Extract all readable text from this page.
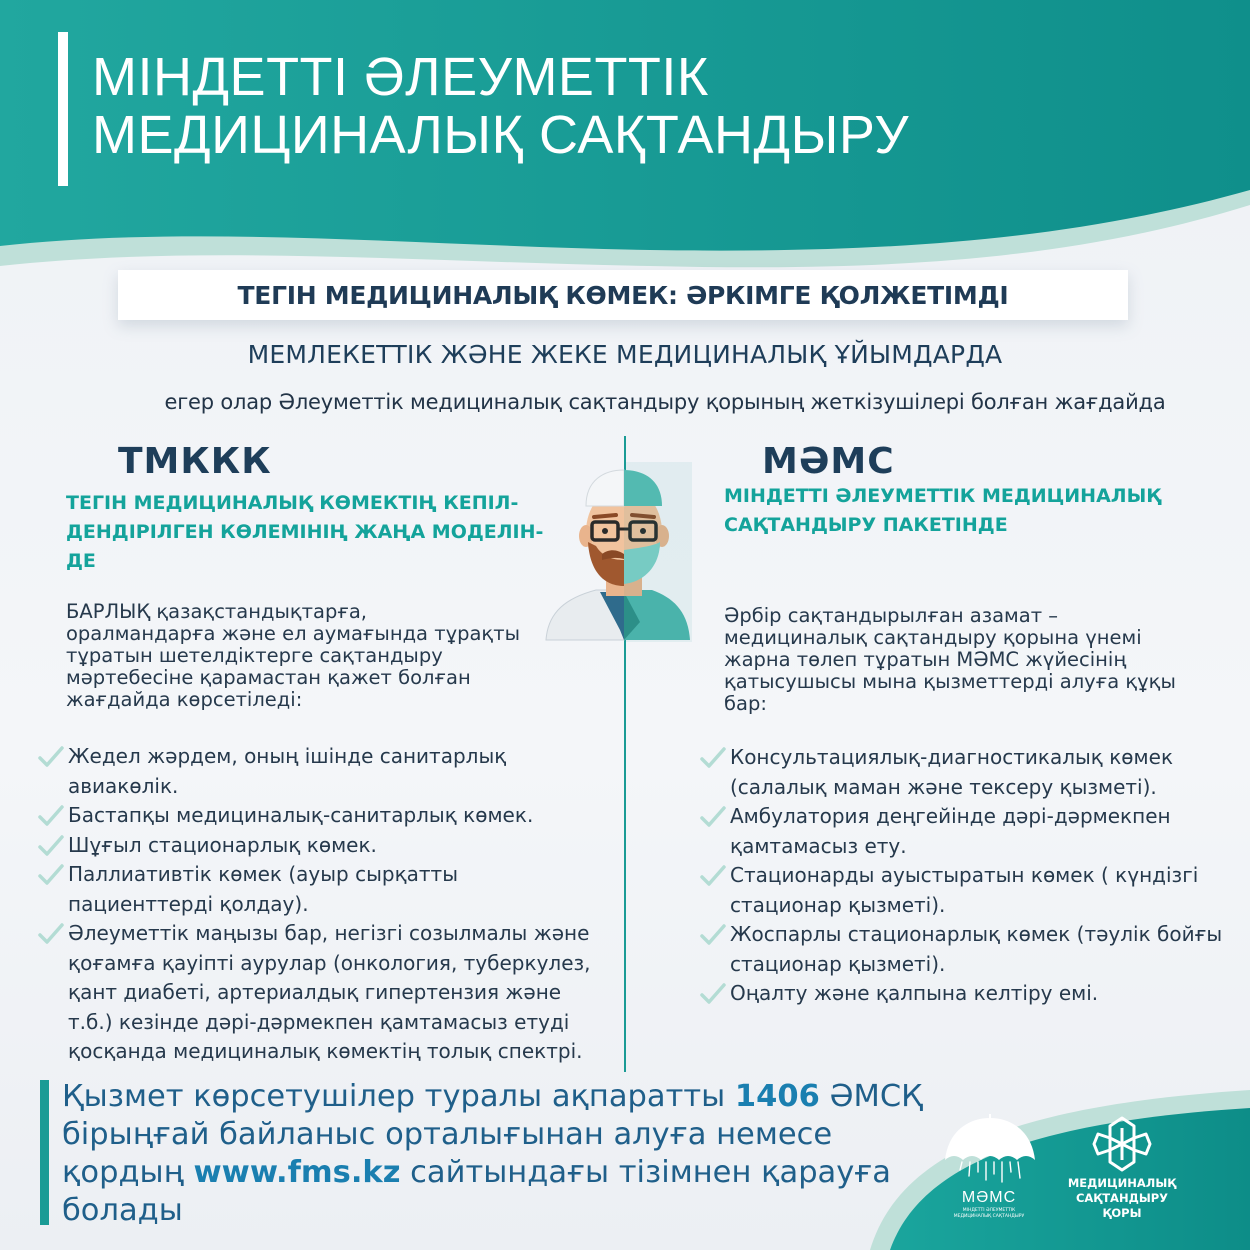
МІНДЕТТІ ӘЛЕУМЕТТІК
МЕДИЦИНАЛЫҚ САҚТАНДЫРУ
ТЕГІН МЕДИЦИНАЛЫҚ КӨМЕК: ӘРКІМГЕ ҚОЛЖЕТІМДІ
МЕМЛЕКЕТТІК ЖӘНЕ ЖЕКЕ МЕДИЦИНАЛЫҚ ҰЙЫМДАРДА
егер олар Әлеуметтік медициналық сақтандыру қорының жеткізушілері болған жағдайда
ТМККК
ТЕГІН МЕДИЦИНАЛЫҚ КӨМЕКТІҢ КЕПІЛ-
ДЕНДІРІЛГЕН КӨЛЕМІНІҢ ЖАҢА МОДЕЛІН-
ДЕ
БАРЛЫҚ қазақстандықтарға,
оралмандарға және ел аумағында тұрақты
тұратын шетелдіктерге сақтандыру
мәртебесіне қарамастан қажет болған
жағдайда көрсетіледі:
Жедел жәрдем, оның ішінде санитарлық
авиакөлік.
Бастапқы медициналық-санитарлық көмек.
Шұғыл стационарлық көмек.
Паллиативтік көмек (ауыр сырқатты
пациенттерді қолдау).
Әлеуметтік маңызы бар, негізгі созылмалы және
қоғамға қауіпті аурулар (онкология, туберкулез,
қант диабеті, артериалдық гипертензия және
т.б.) кезінде дәрі-дәрмекпен қамтамасыз етуді
қосқанда медициналық көмектің толық спектрі.
МӘМС
МІНДЕТТІ ӘЛЕУМЕТТІК МЕДИЦИНАЛЫҚ
САҚТАНДЫРУ ПАКЕТІНДЕ
Әрбір сақтандырылған азамат –
медициналық сақтандыру қорына үнемі
жарна төлеп тұратын МӘМС жүйесінің
қатысушысы мына қызметтерді алуға құқы
бар:
Консультациялық-диагностикалық көмек
(салалық маман және тексеру қызметі).
Амбулатория деңгейінде дәрі-дәрмекпен
қамтамасыз ету.
Стационарды ауыстыратын көмек ( күндізгі
стационар қызметі).
Жоспарлы стационарлық көмек (тәулік бойғы
стационар қызметі).
Оңалту және қалпына келтіру емі.
Қызмет көрсетушілер туралы ақпаратты 1406 ӘМСҚ
бірыңғай байланыс орталығынан алуға немесе
қордың www.fms.kz сайтындағы тізімнен қарауға
болады	МӘМС
МІНДЕТТІ ӘЛЕУМЕТТІК
МЕДИЦИНАЛЫҚ САҚТАНДЫРУ
МЕДИЦИНАЛЫҚ
САҚТАНДЫРУ
ҚОРЫ
